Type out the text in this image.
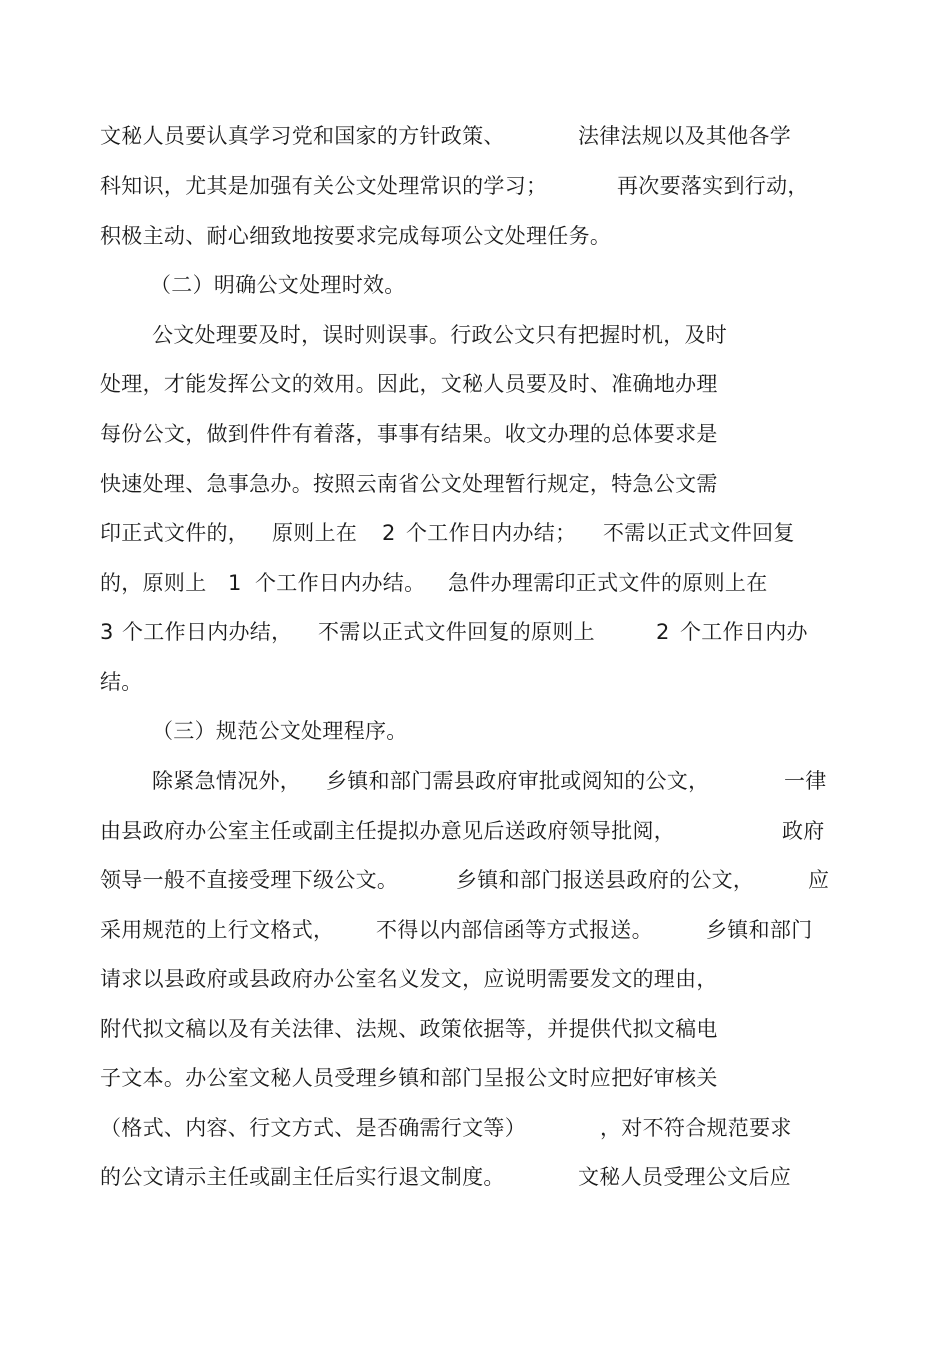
文秘人员要认真学习党和国家的方针政策、

	法律法规以及其他各学

科知识，尤其是加强有关公文处理常识的学习；

	再次要落实到行动，

积极主动、耐心细致地按要求完成每项公文处理任务。

（二）明确公文处理时效。

公文处理要及时，误时则误事。行政公文只有把握时机，及时

处理，才能发挥公文的效用。因此，文秘人员要及时、准确地办理

每份公文，做到件件有着落，事事有结果。收文办理的总体要求是

快速处理、急事急办。按照云南省公文处理暂行规定，特急公文需

印正式文件的，

原则上在

2

个工作日内办结；

不需以正式文件回复

的，原则上

1

个工作日内办结。

急件办理需印正式文件的原则上在

3

个工作日内办结，

不需以正式文件回复的原则上

	2

个工作日内办

结。

（三）规范公文处理程序。

除紧急情况外，

乡镇和部门需县政府审批或阅知的公文，

	一律

由县政府办公室主任或副主任提拟办意见后送政府领导批阅，

	政府

领导一般不直接受理下级公文。

	乡镇和部门报送县政府的公文，

	应

采用规范的上行文格式，

不得以内部信函等方式报送。

	乡镇和部门

请求以县政府或县政府办公室名义发文，应说明需要发文的理由，

附代拟文稿以及有关法律、法规、政策依据等，并提供代拟文稿电

子文本。办公室文秘人员受理乡镇和部门呈报公文时应把好审核关

（格式、内容、行文方式、是否确需行文等）

	，对不符合规范要求

的公文请示主任或副主任后实行退文制度。

	文秘人员受理公文后应
